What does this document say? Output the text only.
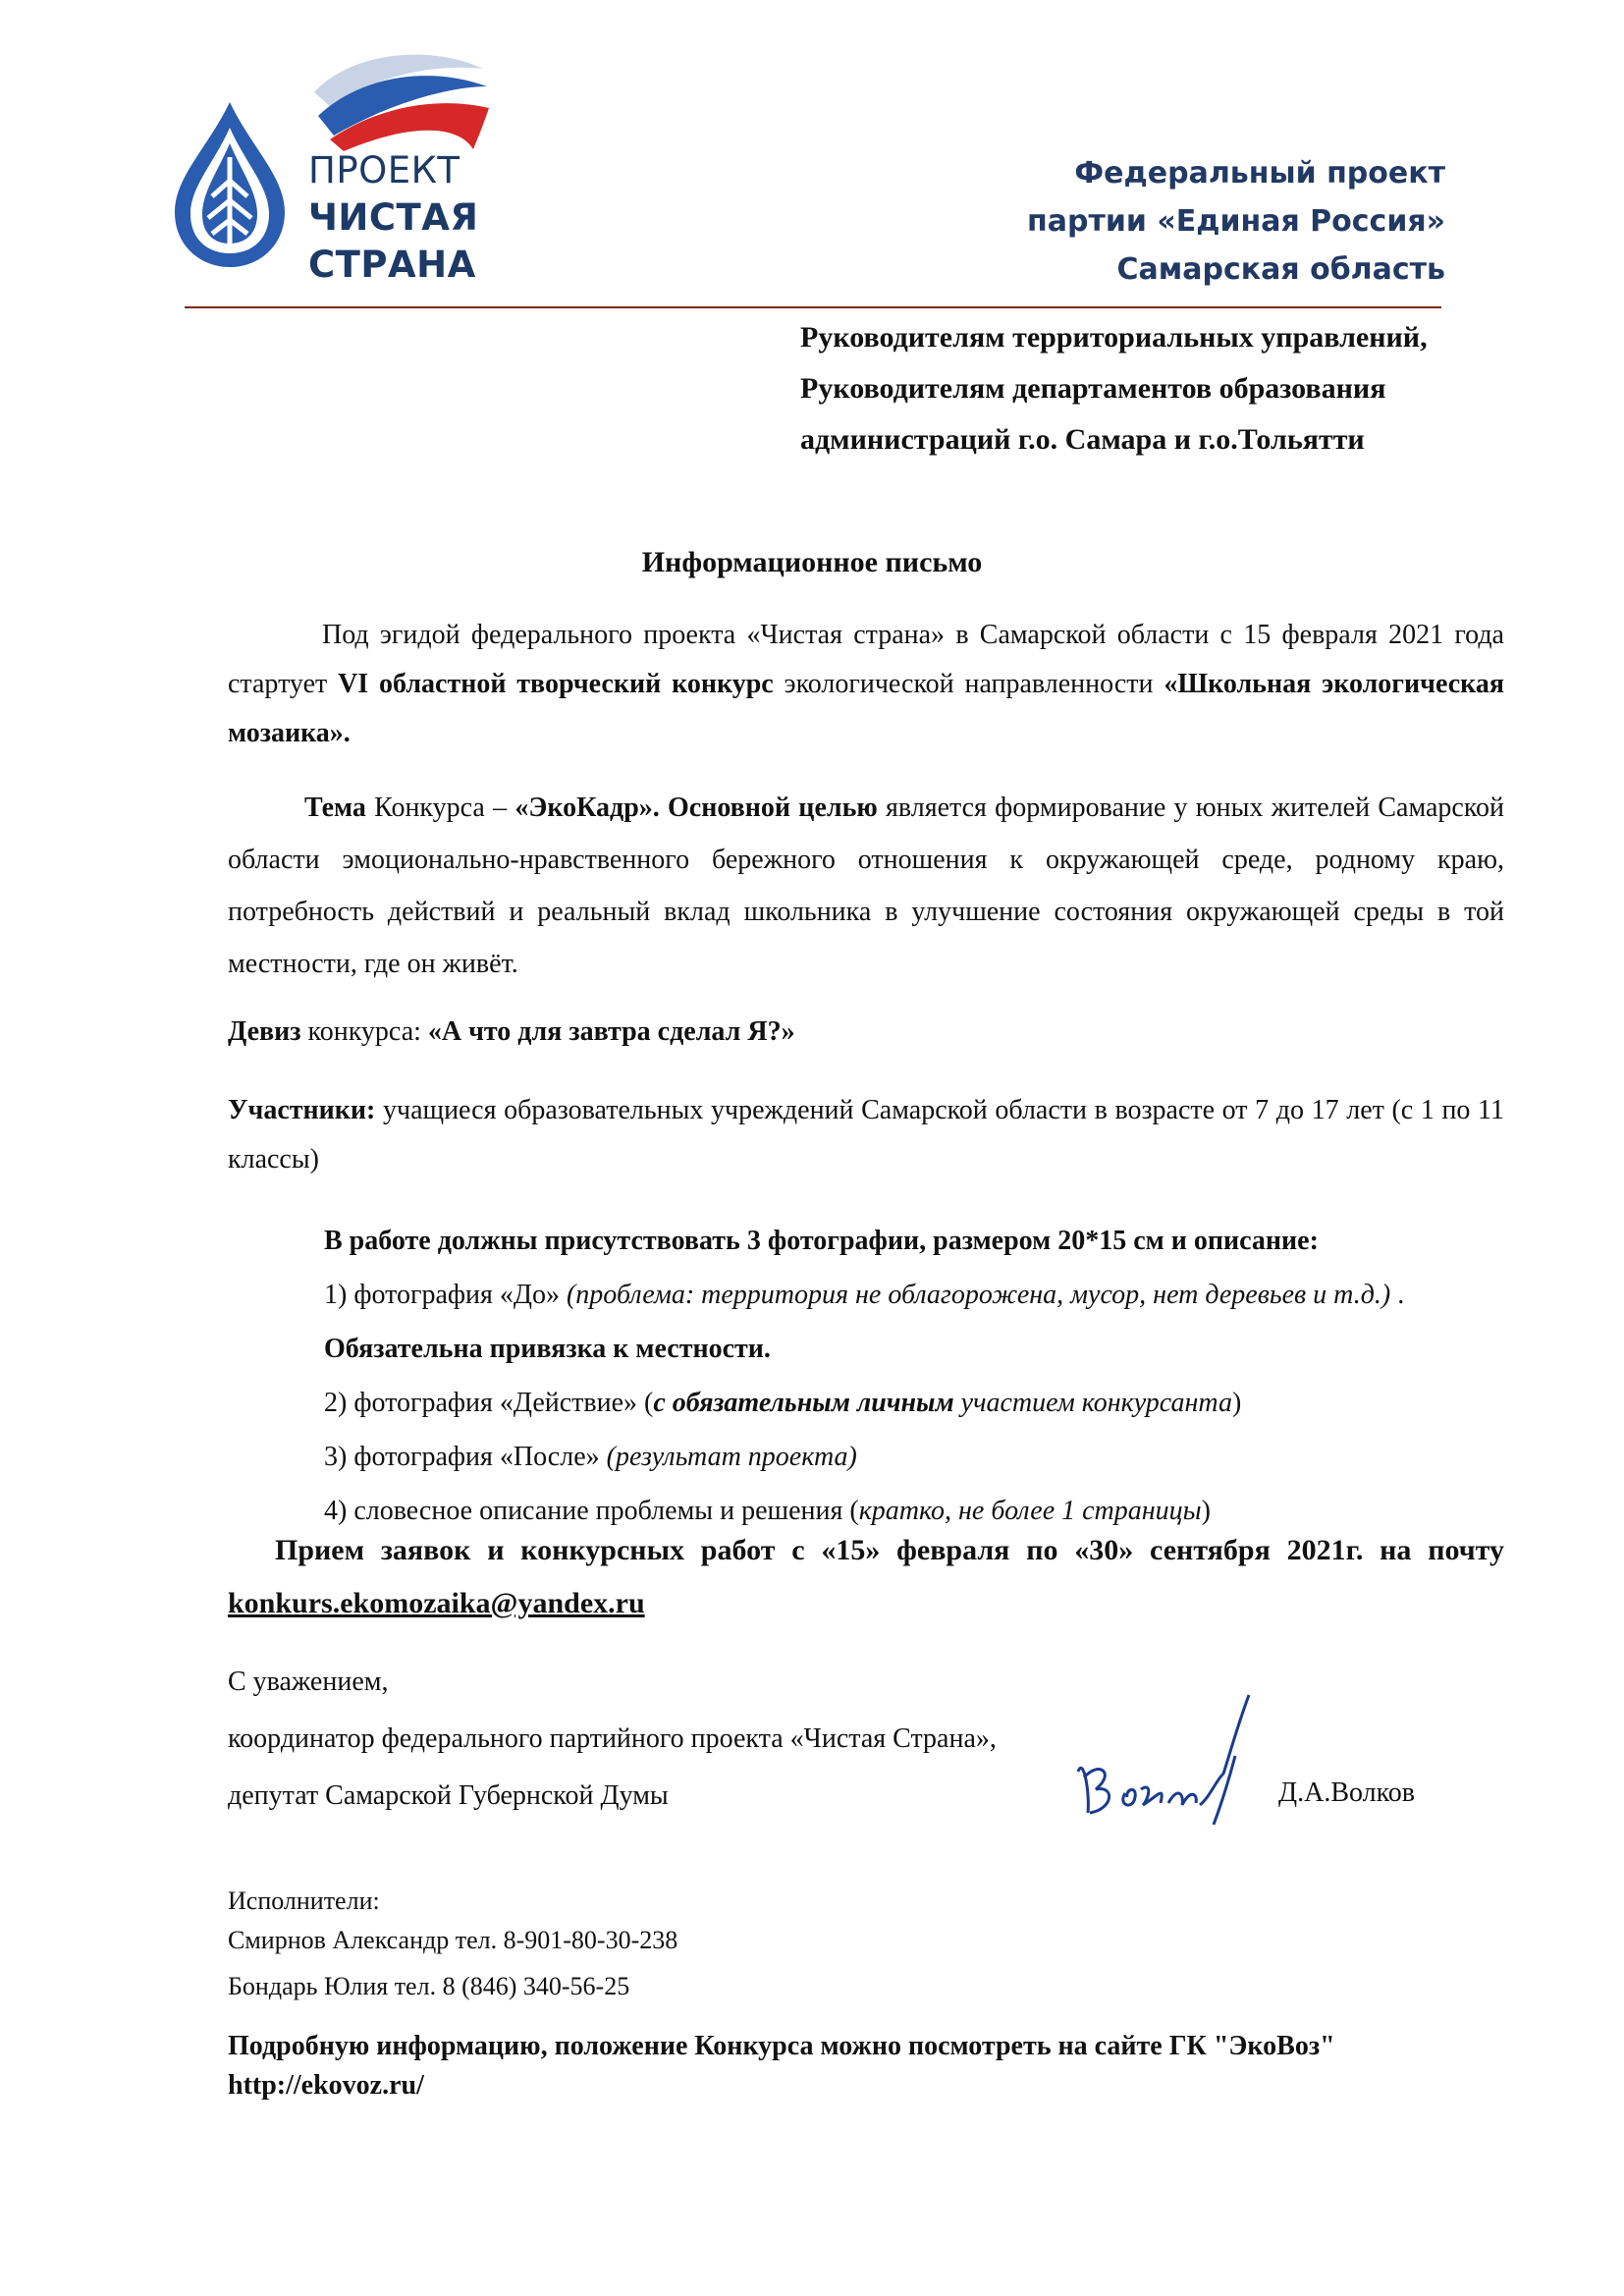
ПРОЕКТ
ЧИСТАЯ
СТРАНА
Федеральный проект
партии «Единая Россия»
Самарская область
Руководителям территориальных управлений,
Руководителям департаментов образования
администраций г.о. Самара и г.о.Тольятти
Информационное письмо
Под эгидой федерального проекта «Чистая страна» в Самарской области с 15 февраля 2021 года стартует VI областной творческий конкурс экологической направленности «Школьная экологическая мозаика».
Тема Конкурса – «ЭкоКадр». Основной целью является формирование у юных жителей Самарской области эмоционально-нравственного бережного отношения к окружающей среде, родному краю, потребность действий и реальный вклад школьника в улучшение состояния окружающей среды в той местности, где он живёт.
Девиз конкурса: «А что для завтра сделал Я?»
Участники: учащиеся образовательных учреждений Самарской области в возрасте от 7 до 17 лет (с 1 по 11 классы)
В работе должны присутствовать 3 фотографии, размером 20*15 см и описание:
1) фотография «До» (проблема: территория не облагорожена, мусор, нет деревьев и т.д.) .
Обязательна привязка к местности.
2) фотография «Действие» (с обязательным личным участием конкурсанта)
3) фотография «После» (результат проекта)
4) словесное описание проблемы и решения (кратко, не более 1 страницы)
Прием заявок и конкурсных работ с «15» февраля по «30» сентября 2021г. на почту konkurs.ekomozaika@yandex.ru
С уважением,
координатор федерального партийного проекта «Чистая Страна»,
депутат Самарской Губернской Думы	Д.А.Волков
Исполнители:
Смирнов Александр тел. 8-901-80-30-238
Бондарь Юлия тел. 8 (846) 340-56-25
Подробную информацию, положение Конкурса можно посмотреть на сайте ГК "ЭкоВоз"
http://ekovoz.ru/
